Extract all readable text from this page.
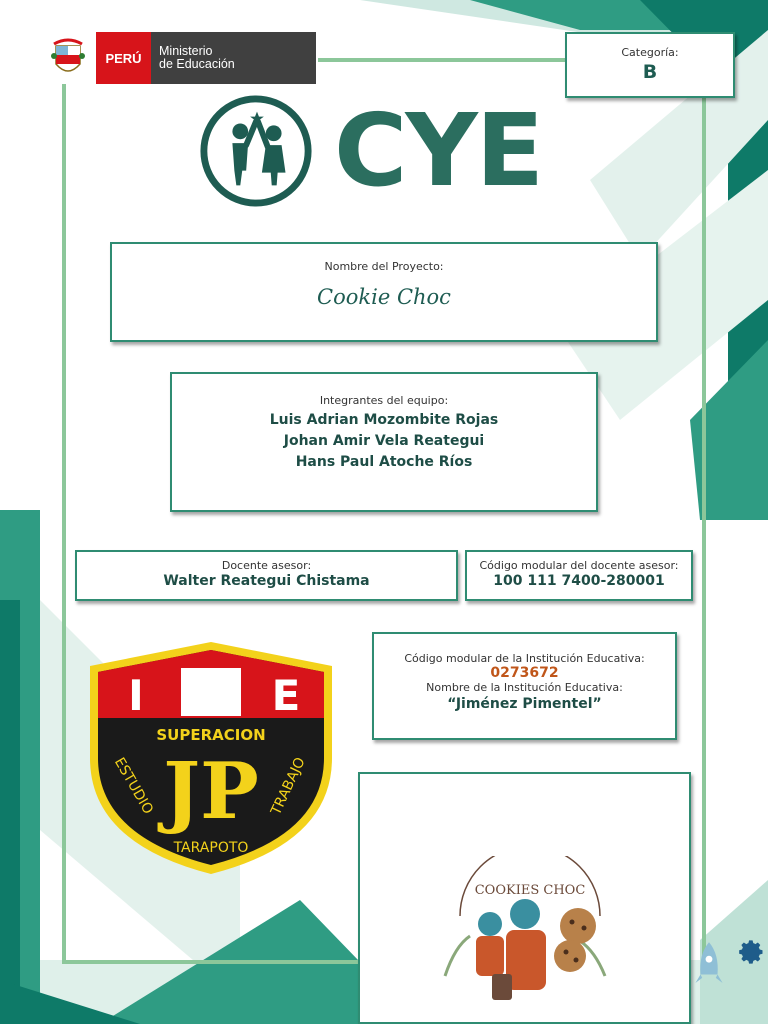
PERÚ	Ministerio
de Educación
Categoría:
B
CYE
Nombre del Proyecto:
Cookie Choc
Integrantes del equipo:
Luis Adrian Mozombite Rojas
Johan Amir Vela Reategui
Hans Paul Atoche Ríos
Docente asesor:
Walter Reategui Chistama
Código modular del docente asesor:
100 111 7400-280001
I	E
SUPERACION
JP
ESTUDIO	TRABAJO
TARAPOTO
Código modular de la Institución Educativa:
0273672
Nombre de la Institución Educativa:
“Jiménez Pimentel”
COOKIES CHOC
